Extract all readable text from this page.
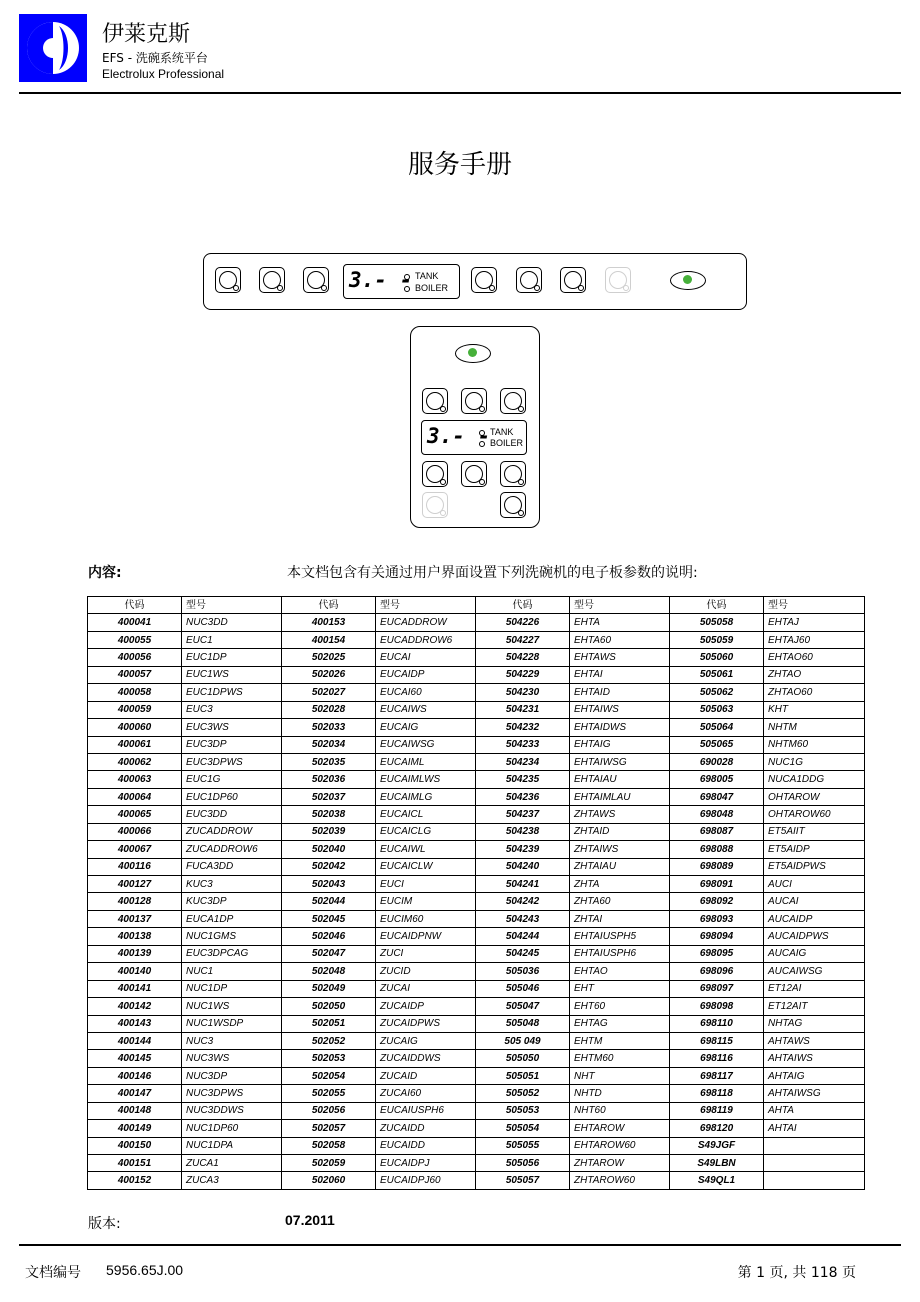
伊莱克斯
EFS - 洗碗系统平台
Electrolux Professional
服务手册
3.- - TANK
BOILER
3.- - TANK
BOILER
内容:	本文档包含有关通过用户界面设置下列洗碗机的电子板参数的说明:
代码	型号	代码	型号	代码	型号	代码	型号
400041	NUC3DD	400153	EUCADDROW	504226	EHTA	505058	EHTAJ
400055	EUC1	400154	EUCADDROW6	504227	EHTA60	505059	EHTAJ60
400056	EUC1DP	502025	EUCAI	504228	EHTAWS	505060	EHTAO60
400057	EUC1WS	502026	EUCAIDP	504229	EHTAI	505061	ZHTAO
400058	EUC1DPWS	502027	EUCAI60	504230	EHTAID	505062	ZHTAO60
400059	EUC3	502028	EUCAIWS	504231	EHTAIWS	505063	KHT
400060	EUC3WS	502033	EUCAIG	504232	EHTAIDWS	505064	NHTM
400061	EUC3DP	502034	EUCAIWSG	504233	EHTAIG	505065	NHTM60
400062	EUC3DPWS	502035	EUCAIML	504234	EHTAIWSG	690028	NUC1G
400063	EUC1G	502036	EUCAIMLWS	504235	EHTAIAU	698005	NUCA1DDG
400064	EUC1DP60	502037	EUCAIMLG	504236	EHTAIMLAU	698047	OHTAROW
400065	EUC3DD	502038	EUCAICL	504237	ZHTAWS	698048	OHTAROW60
400066	ZUCADDROW	502039	EUCAICLG	504238	ZHTAID	698087	ET5AIIT
400067	ZUCADDROW6	502040	EUCAIWL	504239	ZHTAIWS	698088	ET5AIDP
400116	FUCA3DD	502042	EUCAICLW	504240	ZHTAIAU	698089	ET5AIDPWS
400127	KUC3	502043	EUCI	504241	ZHTA	698091	AUCI
400128	KUC3DP	502044	EUCIM	504242	ZHTA60	698092	AUCAI
400137	EUCA1DP	502045	EUCIM60	504243	ZHTAI	698093	AUCAIDP
400138	NUC1GMS	502046	EUCAIDPNW	504244	EHTAIUSPH5	698094	AUCAIDPWS
400139	EUC3DPCAG	502047	ZUCI	504245	EHTAIUSPH6	698095	AUCAIG
400140	NUC1	502048	ZUCID	505036	EHTAO	698096	AUCAIWSG
400141	NUC1DP	502049	ZUCAI	505046	EHT	698097	ET12AI
400142	NUC1WS	502050	ZUCAIDP	505047	EHT60	698098	ET12AIT
400143	NUC1WSDP	502051	ZUCAIDPWS	505048	EHTAG	698110	NHTAG
400144	NUC3	502052	ZUCAIG	505 049	EHTM	698115	AHTAWS
400145	NUC3WS	502053	ZUCAIDDWS	505050	EHTM60	698116	AHTAIWS
400146	NUC3DP	502054	ZUCAID	505051	NHT	698117	AHTAIG
400147	NUC3DPWS	502055	ZUCAI60	505052	NHTD	698118	AHTAIWSG
400148	NUC3DDWS	502056	EUCAIUSPH6	505053	NHT60	698119	AHTA
400149	NUC1DP60	502057	ZUCAIDD	505054	EHTAROW	698120	AHTAI
400150	NUC1DPA	502058	EUCAIDD	505055	EHTAROW60	S49JGF	
400151	ZUCA1	502059	EUCAIDPJ	505056	ZHTAROW	S49LBN	
400152	ZUCA3	502060	EUCAIDPJ60	505057	ZHTAROW60	S49QL1	
版本:	07.2011
文档编号 5956.65J.00	第 1 页, 共 118 页
